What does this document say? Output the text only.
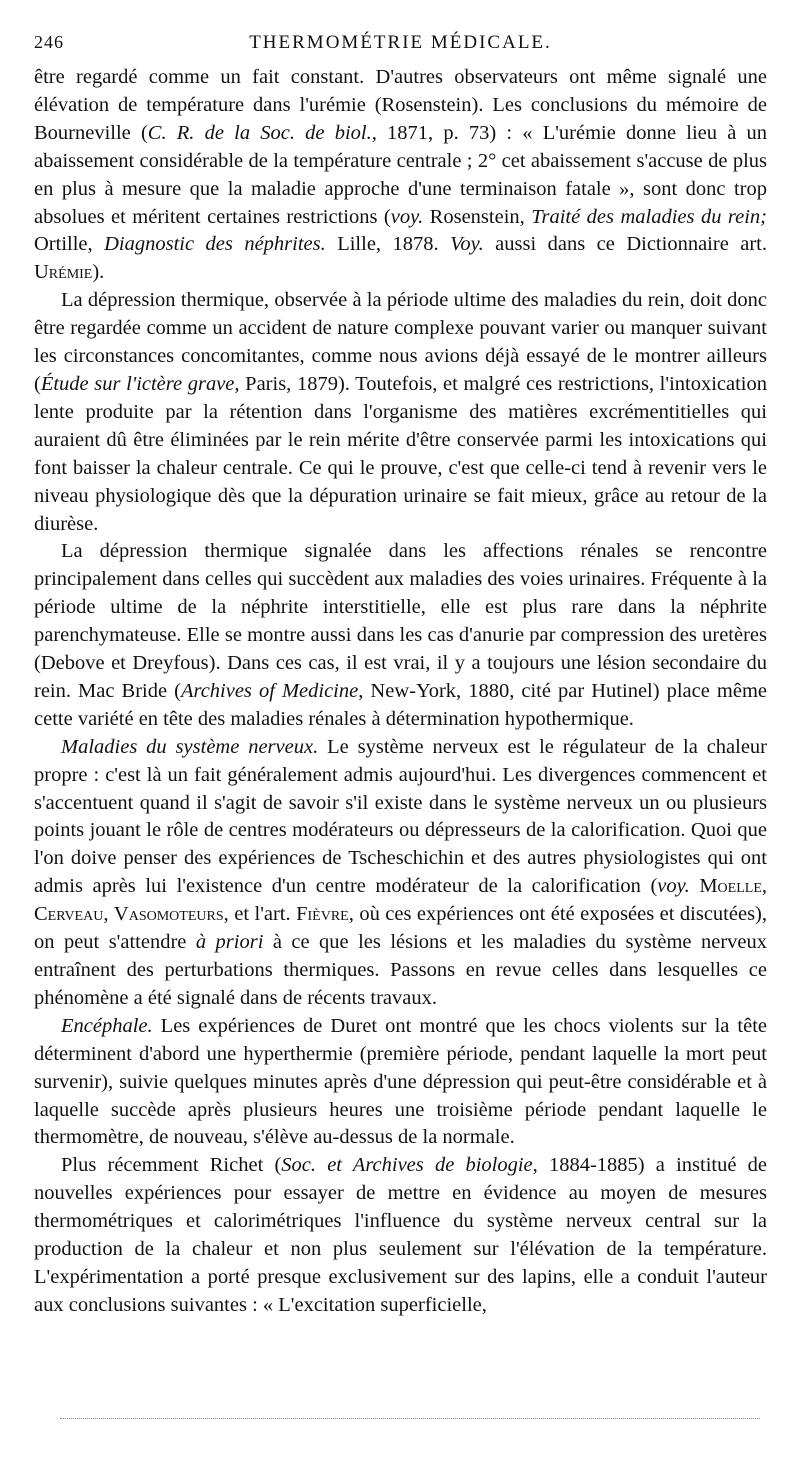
246	THERMOMÉTRIE MÉDICALE.

être regardé comme un fait constant. D'autres observateurs ont même signalé une élévation de température dans l'urémie (Rosenstein). Les conclusions du mémoire de Bourneville (C. R. de la Soc. de biol., 1871, p. 73) : « L'urémie donne lieu à un abaissement considérable de la température centrale ; 2° cet abaissement s'accuse de plus en plus à mesure que la maladie approche d'une terminaison fatale », sont donc trop absolues et méritent certaines restrictions (voy. Rosenstein, Traité des maladies du rein; Ortille, Diagnostic des néphrites. Lille, 1878. Voy. aussi dans ce Dictionnaire art. Urémie).

La dépression thermique, observée à la période ultime des maladies du rein, doit donc être regardée comme un accident de nature complexe pouvant varier ou manquer suivant les circonstances concomitantes, comme nous avions déjà essayé de le montrer ailleurs (Étude sur l'ictère grave, Paris, 1879). Toutefois, et malgré ces restrictions, l'intoxication lente produite par la rétention dans l'organisme des matières excrémentitielles qui auraient dû être éliminées par le rein mérite d'être conservée parmi les intoxications qui font baisser la chaleur centrale. Ce qui le prouve, c'est que celle-ci tend à revenir vers le niveau physiologique dès que la dépuration urinaire se fait mieux, grâce au retour de la diurèse.

La dépression thermique signalée dans les affections rénales se rencontre principalement dans celles qui succèdent aux maladies des voies urinaires. Fréquente à la période ultime de la néphrite interstitielle, elle est plus rare dans la néphrite parenchymateuse. Elle se montre aussi dans les cas d'anurie par compression des uretères (Debove et Dreyfous). Dans ces cas, il est vrai, il y a toujours une lésion secondaire du rein. Mac Bride (Archives of Medicine, New-York, 1880, cité par Hutinel) place même cette variété en tête des maladies rénales à détermination hypothermique.

Maladies du système nerveux. Le système nerveux est le régulateur de la chaleur propre : c'est là un fait généralement admis aujourd'hui. Les divergences commencent et s'accentuent quand il s'agit de savoir s'il existe dans le système nerveux un ou plusieurs points jouant le rôle de centres modérateurs ou dépresseurs de la calorification. Quoi que l'on doive penser des expériences de Tscheschichin et des autres physiologistes qui ont admis après lui l'existence d'un centre modérateur de la calorification (voy. Moelle, Cerveau, Vasomoteurs, et l'art. Fièvre, où ces expériences ont été exposées et discutées), on peut s'attendre à priori à ce que les lésions et les maladies du système nerveux entraînent des perturbations thermiques. Passons en revue celles dans lesquelles ce phénomène a été signalé dans de récents travaux.

Encéphale. Les expériences de Duret ont montré que les chocs violents sur la tête déterminent d'abord une hyperthermie (première période, pendant laquelle la mort peut survenir), suivie quelques minutes après d'une dépression qui peut-être considérable et à laquelle succède après plusieurs heures une troisième période pendant laquelle le thermomètre, de nouveau, s'élève au-dessus de la normale.

Plus récemment Richet (Soc. et Archives de biologie, 1884-1885) a institué de nouvelles expériences pour essayer de mettre en évidence au moyen de mesures thermométriques et calorimétriques l'influence du système nerveux central sur la production de la chaleur et non plus seulement sur l'élévation de la température. L'expérimentation a porté presque exclusivement sur des lapins, elle a conduit l'auteur aux conclusions suivantes : « L'excitation superficielle,
